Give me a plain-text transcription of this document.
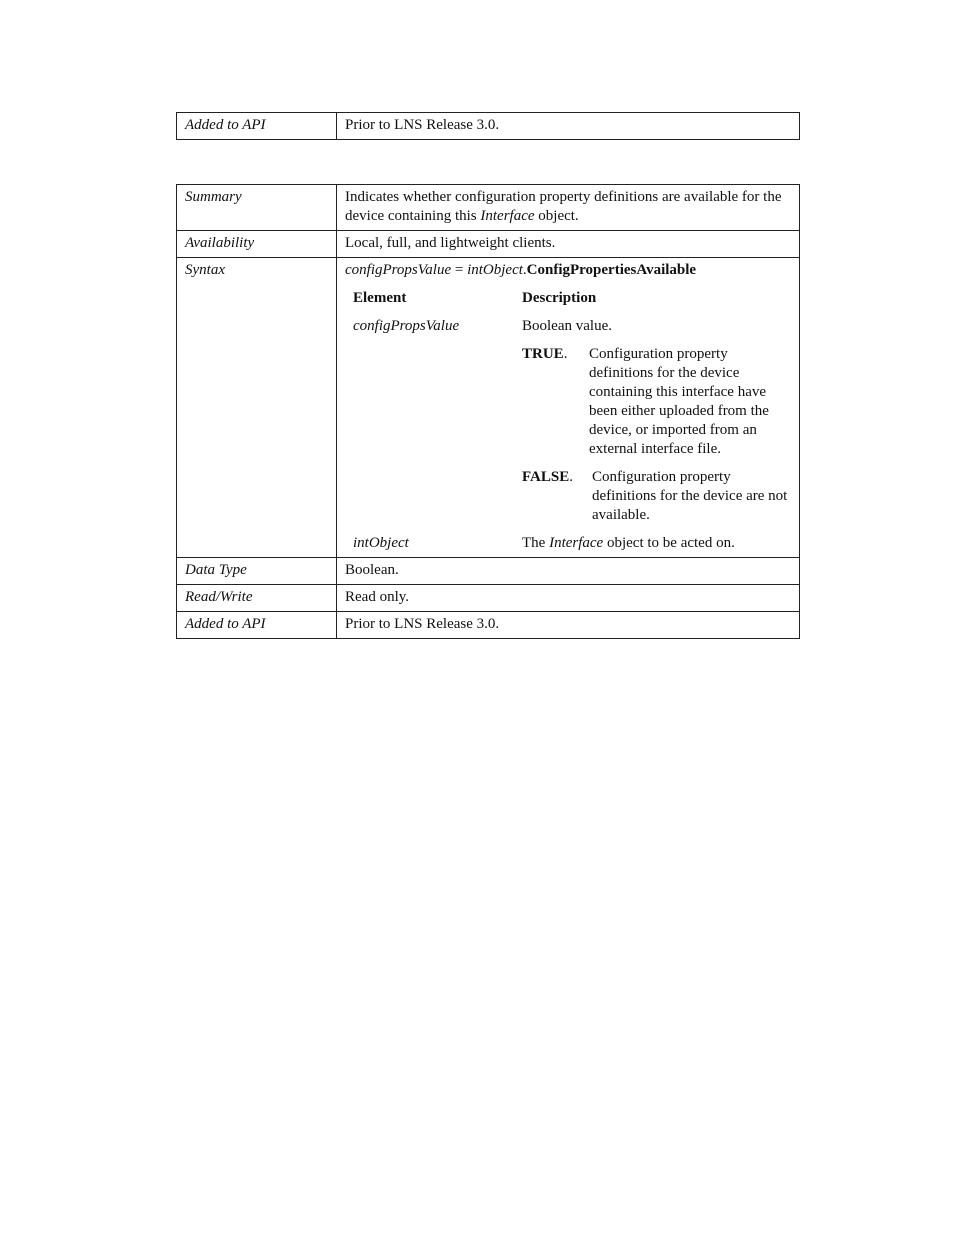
Added to API	Prior to LNS Release 3.0.
Summary	Indicates whether configuration property definitions are available for the device containing this Interface object.
Availability	Local, full, and lightweight clients.
Syntax	configPropsValue = intObject.ConfigPropertiesAvailable
Element	Description
configPropsValue	Boolean value.
TRUE.	Configuration property definitions for the device containing this interface have been either uploaded from the device, or imported from an external interface file.
FALSE.	Configuration property definitions for the device are not available.

intObject	The Interface object to be acted on.

Data Type	Boolean.
Read/Write	Read only.
Added to API	Prior to LNS Release 3.0.
